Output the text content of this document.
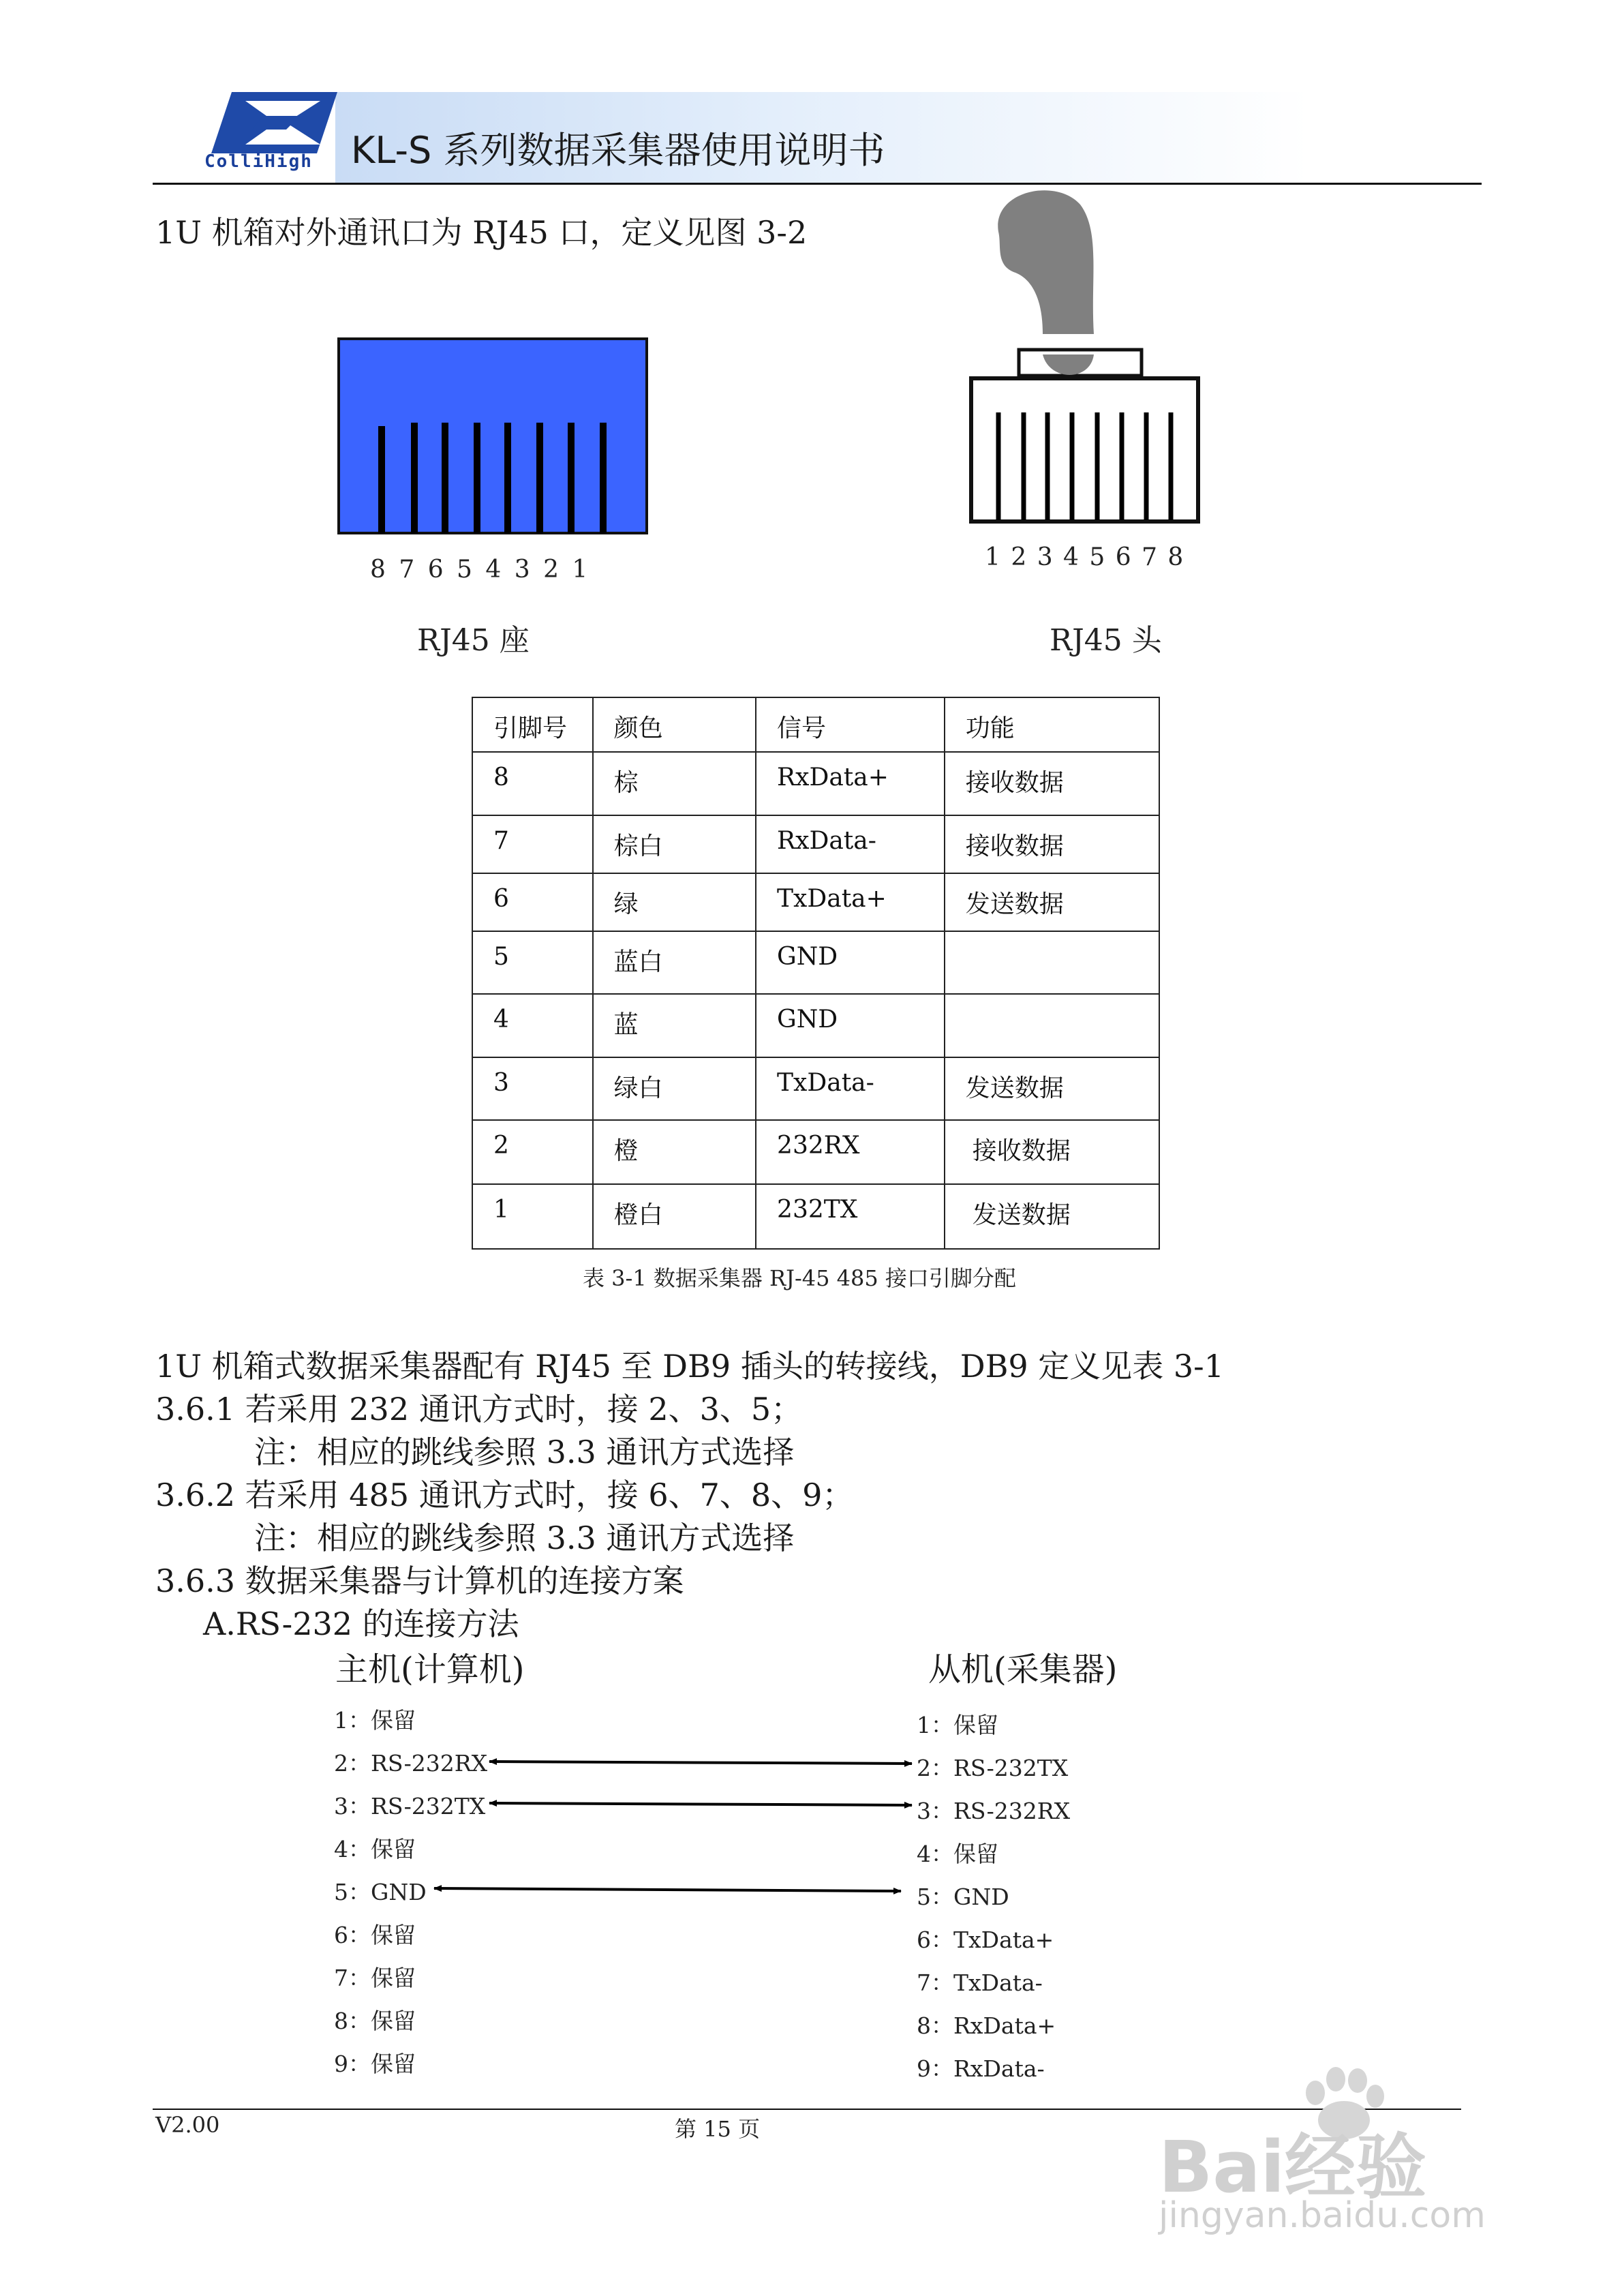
ColliHigh KL-S 系列数据采集器使用说明书
1U 机箱对外通讯口为 RJ45 口，定义见图 3-2
8 7 6 5 4 3 2 1
RJ45 座
1 2 3 4 5 6 7 8
RJ45 头
引脚号	颜色	信号	功能
8	棕	RxData+	接收数据
7	棕白	RxData-	接收数据
6	绿	TxData+	发送数据
5	蓝白	GND	
4	蓝	GND	
3	绿白	TxData-	发送数据
2	橙	232RX	接收数据
1	橙白	232TX	发送数据
表 3-1 数据采集器 RJ-45 485 接口引脚分配
1U 机箱式数据采集器配有 RJ45 至 DB9 插头的转接线，DB9 定义见表 3-1
3.6.1 若采用 232 通讯方式时，接 2、3、5；
注：相应的跳线参照 3.3 通讯方式选择
3.6.2 若采用 485 通讯方式时，接 6、7、8、9；
注：相应的跳线参照 3.3 通讯方式选择
3.6.3 数据采集器与计算机的连接方案
A.RS-232 的连接方法
主机(计算机)	从机(采集器)
1：保留
2：RS-232RX
3：RS-232TX
4：保留
5：GND
6：保留
7：保留
8：保留
9：保留
1：保留
2：RS-232TX
3：RS-232RX
4：保留
5：GND
6：TxData+
7：TxData-
8：RxData+
9：RxData-
V2.00	第 15 页	Bai经验
jingyan.baidu.com
